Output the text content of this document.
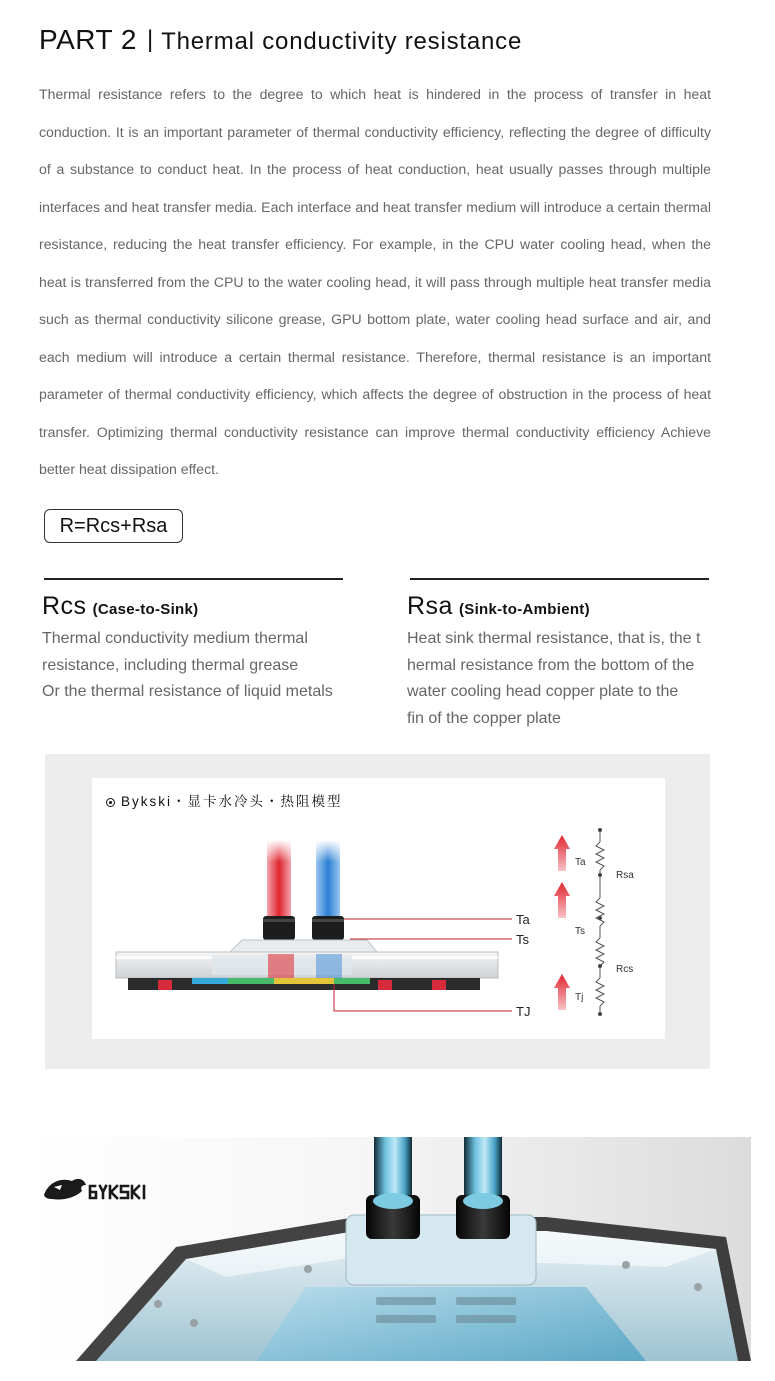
PART 2 | Thermal conductivity resistance

Thermal resistance refers to the degree to which heat is hindered in the process of transfer in heat conduction. It is an important parameter of thermal conductivity efficiency, reflecting the degree of difficulty of a substance to conduct heat. In the process of heat conduction, heat usually passes through multiple interfaces and heat transfer media. Each interface and heat transfer medium will introduce a certain thermal resistance, reducing the heat transfer efficiency. For example, in the CPU water cooling head, when the heat is transferred from the CPU to the water cooling head, it will pass through multiple heat transfer media such as thermal conductivity silicone grease, GPU bottom plate, water cooling head surface and air, and each medium will introduce a certain thermal resistance. Therefore, thermal resistance is an important parameter of thermal conductivity efficiency, which affects the degree of obstruction in the process of heat transfer. Optimizing thermal conductivity resistance can improve thermal conductivity efficiency Achieve better heat dissipation effect.

R=Rcs+Rsa
Rcs (Case-to-Sink)

Thermal conductivity medium thermal

resistance, including thermal grease

Or the thermal resistance of liquid metals

Rsa (Sink-to-Ambient)

Heat sink thermal resistance, that is, the t

hermal resistance from the bottom of the

water cooling head copper plate to the

fin of the copper plate

Ta
Ts
TJ
Ta
Ts
Tj
Rsa
Rcs
Bykski・显卡水冷头・热阻模型
